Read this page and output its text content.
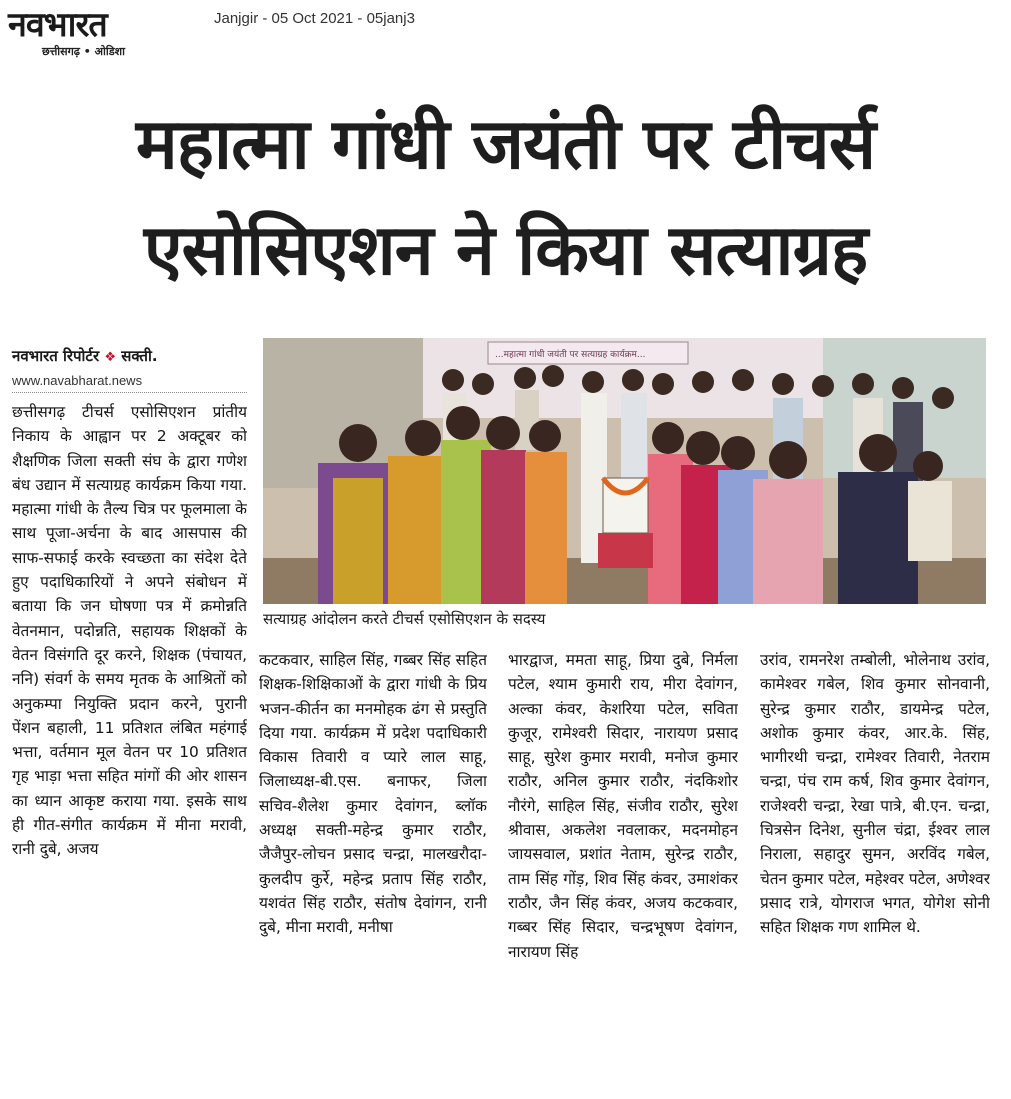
नवभारत
छत्तीसगढ़ • ओडिशा
Janjgir - 05 Oct 2021 - 05janj3
महात्मा गांधी जयंती पर टीचर्स
एसोसिएशन ने किया सत्याग्रह
नवभारत रिपोर्टर ❖ सक्ती.
www.navabharat.news
...महात्मा गांधी जयंती पर सत्याग्रह कार्यक्रम...
सत्याग्रह आंदोलन करते टीचर्स एसोसिएशन के सदस्य
छत्तीसगढ़ टीचर्स एसोसिएशन प्रांतीय निकाय के आह्वान पर 2 अक्टूबर को शैक्षणिक जिला सक्ती संघ के द्वारा गणेश बंध उद्यान में सत्याग्रह कार्यक्रम किया गया. महात्मा गांधी के तैल्य चित्र पर फूलमाला के साथ पूजा-अर्चना के बाद आसपास की साफ-सफाई करके स्वच्छता का संदेश देते हुए पदाधिकारियों ने अपने संबोधन में बताया कि जन घोषणा पत्र में क्रमोन्नति वेतनमान, पदोन्नति, सहायक शिक्षकों के वेतन विसंगति दूर करने, शिक्षक (पंचायत, ननि) संवर्ग के समय मृतक के आश्रितों को अनुकम्पा नियुक्ति प्रदान करने, पुरानी पेंशन बहाली, 11 प्रतिशत लंबित महंगाई भत्ता, वर्तमान मूल वेतन पर 10 प्रतिशत गृह भाड़ा भत्ता सहित मांगों की ओर शासन का ध्यान आकृष्ट कराया गया. इसके साथ ही गीत-संगीत कार्यक्रम में मीना मरावी, रानी दुबे, अजय
कटकवार, साहिल सिंह, गब्बर सिंह सहित शिक्षक-शिक्षिकाओं के द्वारा गांधी के प्रिय भजन-कीर्तन का मनमोहक ढंग से प्रस्तुति दिया गया. कार्यक्रम में प्रदेश पदाधिकारी विकास तिवारी व प्यारे लाल साहू, जिलाध्यक्ष-बी.एस. बनाफर, जिला सचिव-शैलेश कुमार देवांगन, ब्लॉक अध्यक्ष सक्ती-महेन्द्र कुमार राठौर, जैजैपुर-लोचन प्रसाद चन्द्रा, मालखरौदा- कुलदीप कुर्रे, महेन्द्र प्रताप सिंह राठौर, यशवंत सिंह राठौर, संतोष देवांगन, रानी दुबे, मीना मरावी, मनीषा
भारद्वाज, ममता साहू, प्रिया दुबे, निर्मला पटेल, श्याम कुमारी राय, मीरा देवांगन, अल्का कंवर, केशरिया पटेल, सविता कुजूर, रामेश्वरी सिदार, नारायण प्रसाद साहू, सुरेश कुमार मरावी, मनोज कुमार राठौर, अनिल कुमार राठौर, नंदकिशोर नौरंगे, साहिल सिंह, संजीव राठौर, सुरेश श्रीवास, अकलेश नवलाकर, मदनमोहन जायसवाल, प्रशांत नेताम, सुरेन्द्र राठौर, ताम सिंह गोंड़, शिव सिंह कंवर, उमाशंकर राठौर, जैन सिंह कंवर, अजय कटकवार, गब्बर सिंह सिदार, चन्द्रभूषण देवांगन, नारायण सिंह
उरांव, रामनरेश तम्बोली, भोलेनाथ उरांव, कामेश्वर गबेल, शिव कुमार सोनवानी, सुरेन्द्र कुमार राठौर, डायमेन्द्र पटेल, अशोक कुमार कंवर, आर.के. सिंह, भागीरथी चन्द्रा, रामेश्वर तिवारी, नेतराम चन्द्रा, पंच राम कर्ष, शिव कुमार देवांगन, राजेश्वरी चन्द्रा, रेखा पात्रे, बी.एन. चन्द्रा, चित्रसेन दिनेश, सुनील चंद्रा, ईश्वर लाल निराला, सहादुर सुमन, अरविंद गबेल, चेतन कुमार पटेल, महेश्वर पटेल, अणेश्वर प्रसाद रात्रे, योगराज भगत, योगेश सोनी सहित शिक्षक गण शामिल थे.
